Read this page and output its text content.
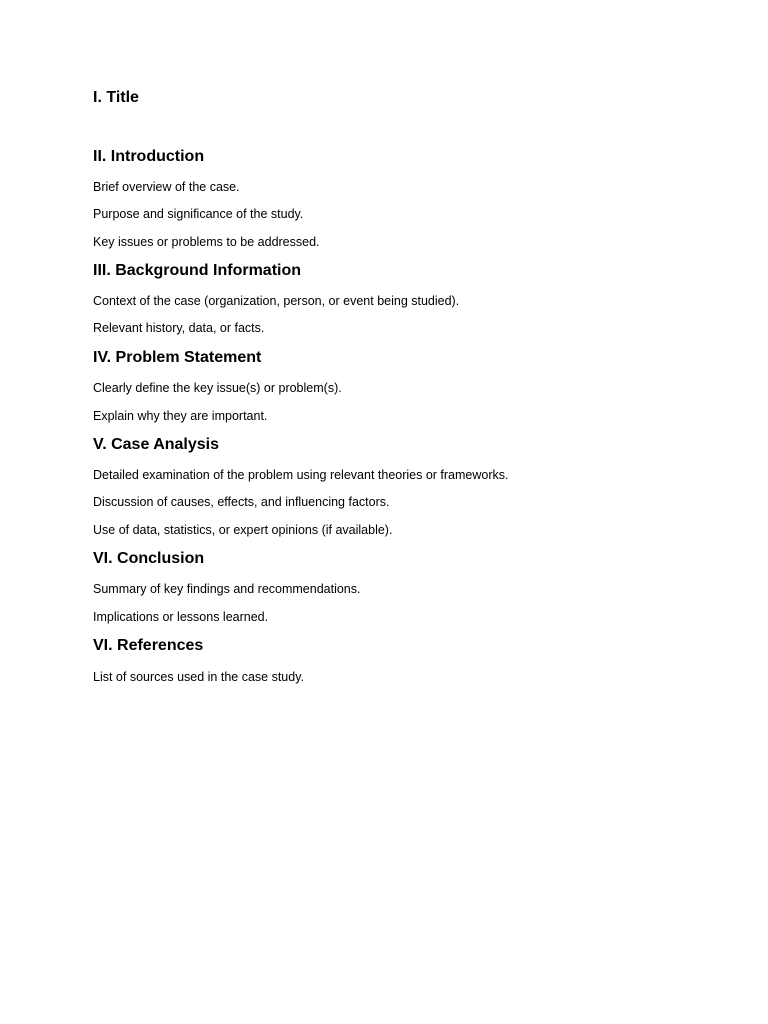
I. Title
II. Introduction

Brief overview of the case.

Purpose and significance of the study.

Key issues or problems to be addressed.

III. Background Information

Context of the case (organization, person, or event being studied).

Relevant history, data, or facts.

IV. Problem Statement

Clearly define the key issue(s) or problem(s).

Explain why they are important.

V. Case Analysis

Detailed examination of the problem using relevant theories or frameworks.

Discussion of causes, effects, and influencing factors.

Use of data, statistics, or expert opinions (if available).

VI. Conclusion

Summary of key findings and recommendations.

Implications or lessons learned.

VI. References

List of sources used in the case study.
